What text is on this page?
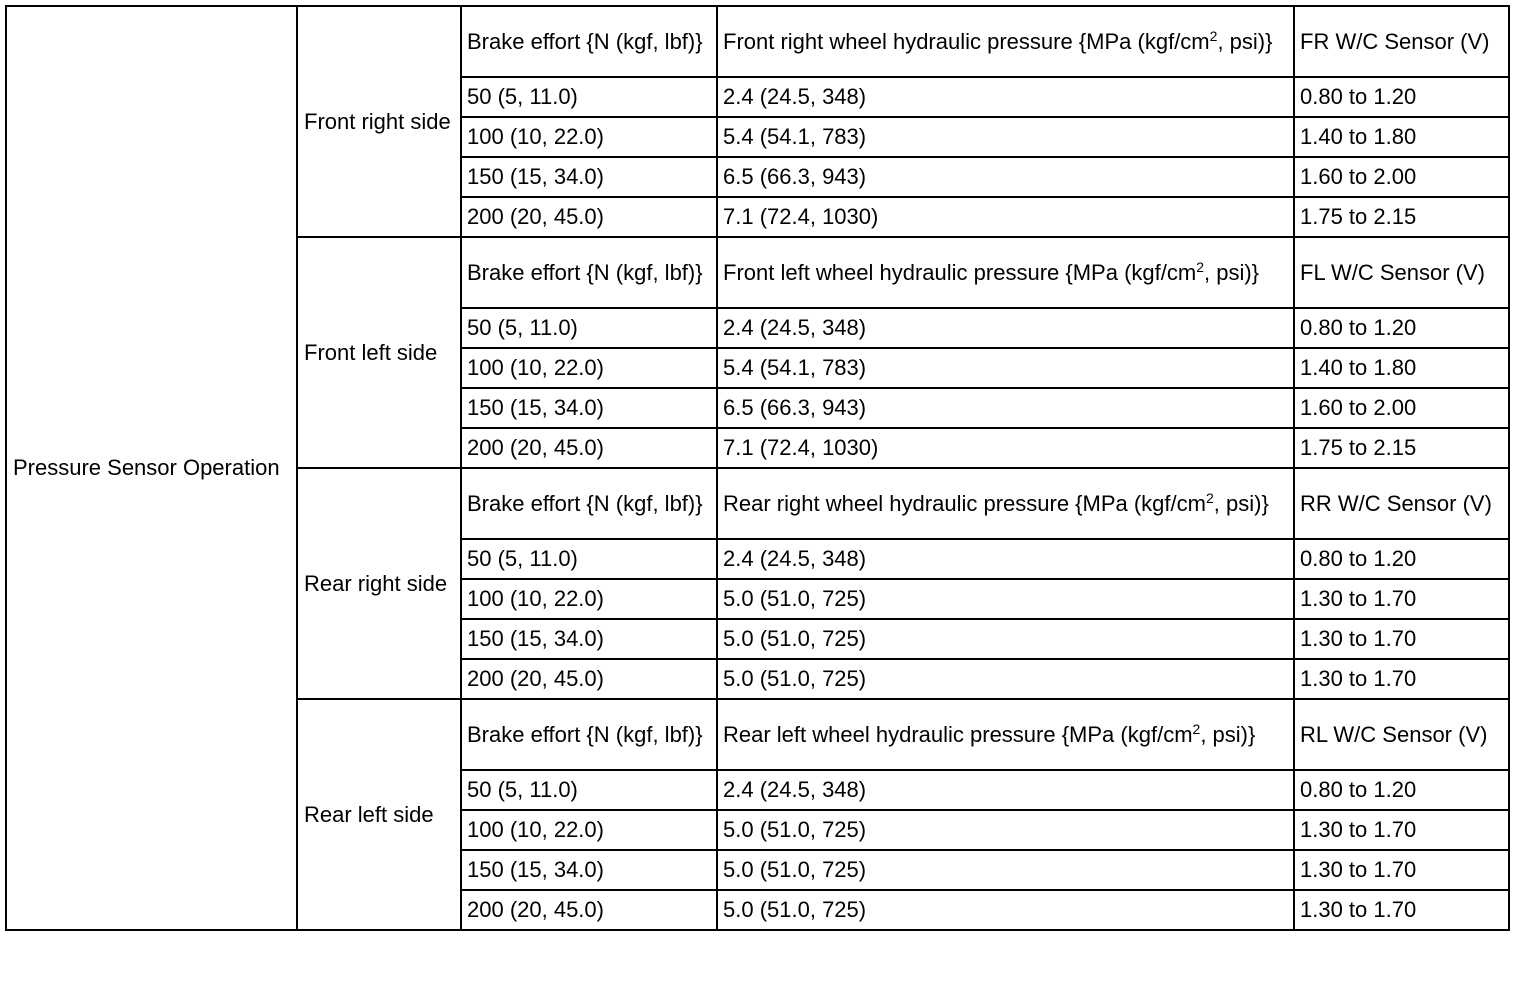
Pressure Sensor Operation	Front right side	Brake effort {N (kgf, lbf)}	Front right wheel hydraulic pressure {MPa ($kgf/cm^2$, psi)}	FR W/C Sensor (V)
		50 (5, 11.0)	2.4 (24.5, 348)	0.80 to 1.20
		100 (10, 22.0)	5.4 (54.1, 783)	1.40 to 1.80
		150 (15, 34.0)	6.5 (66.3, 943)	1.60 to 2.00
		200 (20, 45.0)	7.1 (72.4, 1030)	1.75 to 2.15
	Front left side	Brake effort {N (kgf, lbf)}	Front left wheel hydraulic pressure {MPa ($kgf/cm^2$, psi)}	FL W/C Sensor (V)
		50 (5, 11.0)	2.4 (24.5, 348)	0.80 to 1.20
		100 (10, 22.0)	5.4 (54.1, 783)	1.40 to 1.80
		150 (15, 34.0)	6.5 (66.3, 943)	1.60 to 2.00
		200 (20, 45.0)	7.1 (72.4, 1030)	1.75 to 2.15
	Rear right side	Brake effort {N (kgf, lbf)}	Rear right wheel hydraulic pressure {MPa ($kgf/cm^2$, psi)}	RR W/C Sensor (V)
		50 (5, 11.0)	2.4 (24.5, 348)	0.80 to 1.20
		100 (10, 22.0)	5.0 (51.0, 725)	1.30 to 1.70
		150 (15, 34.0)	5.0 (51.0, 725)	1.30 to 1.70
		200 (20, 45.0)	5.0 (51.0, 725)	1.30 to 1.70
	Rear left side	Brake effort {N (kgf, lbf)}	Rear left wheel hydraulic pressure {MPa ($kgf/cm^2$, psi)}	RL W/C Sensor (V)
		50 (5, 11.0)	2.4 (24.5, 348)	0.80 to 1.20
		100 (10, 22.0)	5.0 (51.0, 725)	1.30 to 1.70
		150 (15, 34.0)	5.0 (51.0, 725)	1.30 to 1.70
		200 (20, 45.0)	5.0 (51.0, 725)	1.30 to 1.70
